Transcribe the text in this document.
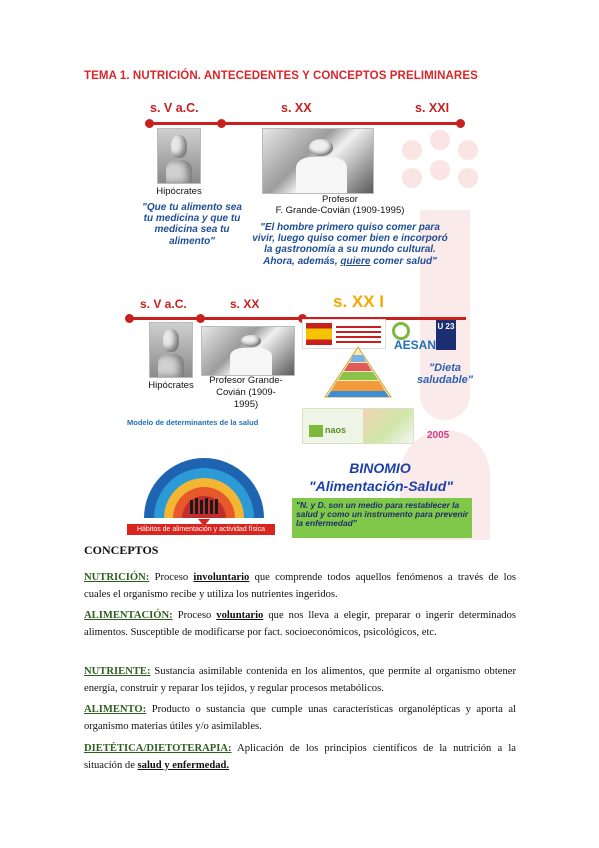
TEMA 1. NUTRICIÓN. ANTECEDENTES Y CONCEPTOS PRELIMINARES
s. V a.C.	s. XX	s. XXI
Hipócrates
"Que tu alimento sea tu medicina y que tu medicina sea tu alimento"
Profesor
F. Grande-Covián (1909-1995)
"El hombre primero quiso comer para vivir, luego quiso comer bien e incorporó la gastronomía a su mundo cultural. Ahora, además, quiere comer salud"
s. V a.C.	s. XX	s. XX I
Hipócrates	Profesor Grande-Covián (1909-1995)
AESAN
U 23
"Dieta saludable"
naos	2005
Modelo de determinantes de la salud
Hábitos de alimentación y actividad física
BINOMIO
"Alimentación-Salud"
"N. y D. son un medio para restablecer la salud y como un instrumento para prevenir la enfermedad"
CONCEPTOS
NUTRICIÓN: Proceso involuntario que comprende todos aquellos fenómenos a través de los cuales el organismo recibe y utiliza los nutrientes ingeridos.
ALIMENTACIÓN: Proceso voluntario que nos lleva a elegir, preparar o ingerir determinados alimentos. Susceptible de modificarse por fact. socioeconómicos, psicológicos, etc.
NUTRIENTE: Sustancia asimilable contenida en los alimentos, que permite al organismo obtener energía, construir y reparar los tejidos, y regular procesos metabólicos.
ALIMENTO: Producto o sustancia que cumple unas características organolépticas y aporta al organismo materias útiles y/o asimilables.
DIETÉTICA/DIETOTERAPIA: Aplicación de los principios científicos de la nutrición a la situación de salud y enfermedad.
